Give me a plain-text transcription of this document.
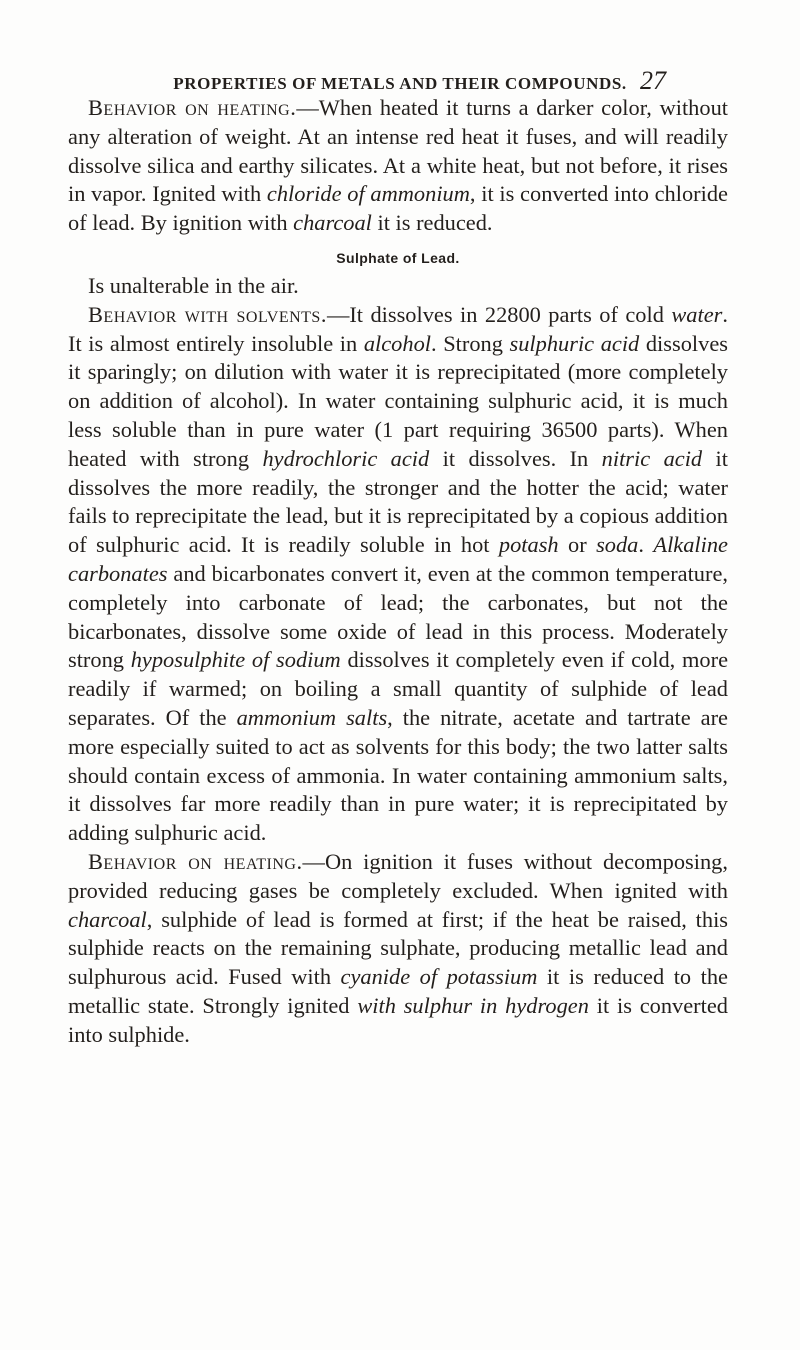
PROPERTIES OF METALS AND THEIR COMPOUNDS. 27

Behavior on heating.—When heated it turns a darker color, without any alteration of weight. At an intense red heat it fuses, and will readily dissolve silica and earthy silicates. At a white heat, but not before, it rises in vapor. Ignited with chloride of ammonium, it is converted into chloride of lead. By ignition with charcoal it is reduced.

Sulphate of Lead.

Is unalterable in the air.

Behavior with solvents.—It dissolves in 22800 parts of cold water. It is almost entirely insoluble in alcohol. Strong sulphuric acid dissolves it sparingly; on dilution with water it is reprecipitated (more completely on addition of alcohol). In water containing sulphuric acid, it is much less soluble than in pure water (1 part requiring 36500 parts). When heated with strong hydrochloric acid it dissolves. In nitric acid it dissolves the more readily, the stronger and the hotter the acid; water fails to reprecipitate the lead, but it is reprecipitated by a copious addition of sulphuric acid. It is readily soluble in hot potash or soda. Alkaline carbonates and bicarbonates convert it, even at the common temperature, completely into carbonate of lead; the carbonates, but not the bicarbonates, dissolve some oxide of lead in this process. Moderately strong hyposulphite of sodium dissolves it completely even if cold, more readily if warmed; on boiling a small quantity of sulphide of lead separates. Of the ammonium salts, the nitrate, acetate and tartrate are more especially suited to act as solvents for this body; the two latter salts should contain excess of ammonia. In water containing ammonium salts, it dissolves far more readily than in pure water; it is reprecipitated by adding sulphuric acid.

Behavior on heating.—On ignition it fuses without decomposing, provided reducing gases be completely excluded. When ignited with charcoal, sulphide of lead is formed at first; if the heat be raised, this sulphide reacts on the remaining sulphate, producing metallic lead and sulphurous acid. Fused with cyanide of potassium it is reduced to the metallic state. Strongly ignited with sulphur in hydrogen it is converted into sulphide.
